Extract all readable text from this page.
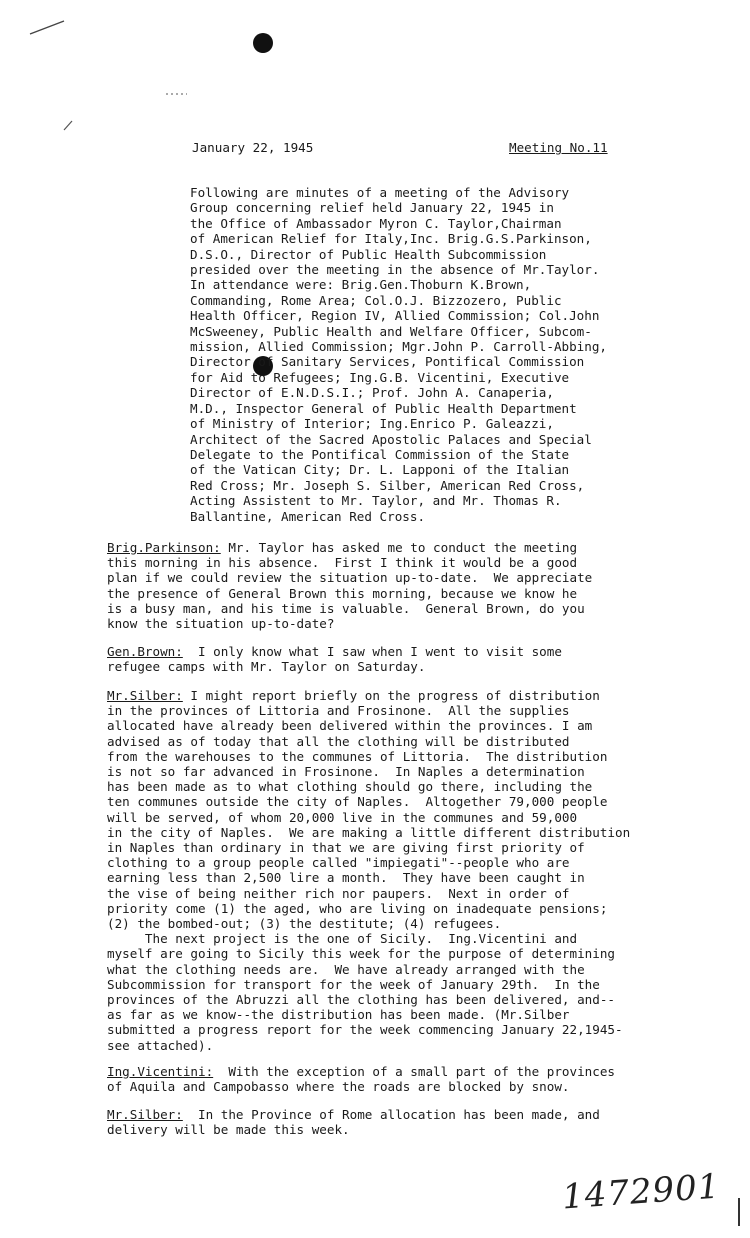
January 22, 1945	Meeting No.11
Following are minutes of a meeting of the Advisory
Group concerning relief held January 22, 1945 in
the Office of Ambassador Myron C. Taylor,Chairman
of American Relief for Italy,Inc. Brig.G.S.Parkinson,
D.S.O., Director of Public Health Subcommission
presided over the meeting in the absence of Mr.Taylor.
In attendance were: Brig.Gen.Thoburn K.Brown,
Commanding, Rome Area; Col.O.J. Bizzozero, Public
Health Officer, Region IV, Allied Commission; Col.John
McSweeney, Public Health and Welfare Officer, Subcom-
mission, Allied Commission; Mgr.John P. Carroll-Abbing,
Director of Sanitary Services, Pontifical Commission
for Aid to Refugees; Ing.G.B. Vicentini, Executive
Director of E.N.D.S.I.; Prof. John A. Canaperia,
M.D., Inspector General of Public Health Department
of Ministry of Interior; Ing.Enrico P. Galeazzi,
Architect of the Sacred Apostolic Palaces and Special
Delegate to the Pontifical Commission of the State
of the Vatican City; Dr. L. Lapponi of the Italian
Red Cross; Mr. Joseph S. Silber, American Red Cross,
Acting Assistent to Mr. Taylor, and Mr. Thomas R.
Ballantine, American Red Cross.
Brig.Parkinson: Mr. Taylor has asked me to conduct the meeting
this morning in his absence.  First I think it would be a good
plan if we could review the situation up-to-date.  We appreciate
the presence of General Brown this morning, because we know he
is a busy man, and his time is valuable.  General Brown, do you
know the situation up-to-date?
Gen.Brown:  I only know what I saw when I went to visit some
refugee camps with Mr. Taylor on Saturday.
Mr.Silber: I might report briefly on the progress of distribution
in the provinces of Littoria and Frosinone.  All the supplies
allocated have already been delivered within the provinces. I am
advised as of today that all the clothing will be distributed
from the warehouses to the communes of Littoria.  The distribution
is not so far advanced in Frosinone.  In Naples a determination
has been made as to what clothing should go there, including the
ten communes outside the city of Naples.  Altogether 79,000 people
will be served, of whom 20,000 live in the communes and 59,000
in the city of Naples.  We are making a little different distribution
in Naples than ordinary in that we are giving first priority of
clothing to a group people called "impiegati"--people who are
earning less than 2,500 lire a month.  They have been caught in
the vise of being neither rich nor paupers.  Next in order of
priority come (1) the aged, who are living on inadequate pensions;
(2) the bombed-out; (3) the destitute; (4) refugees.
The next project is the one of Sicily.  Ing.Vicentini and
myself are going to Sicily this week for the purpose of determining
what the clothing needs are.  We have already arranged with the
Subcommission for transport for the week of January 29th.  In the
provinces of the Abruzzi all the clothing has been delivered, and--
as far as we know--the distribution has been made. (Mr.Silber
submitted a progress report for the week commencing January 22,1945-
see attached).
Ing.Vicentini:  With the exception of a small part of the provinces
of Aquila and Campobasso where the roads are blocked by snow.
Mr.Silber:  In the Province of Rome allocation has been made, and
delivery will be made this week.
1472901
